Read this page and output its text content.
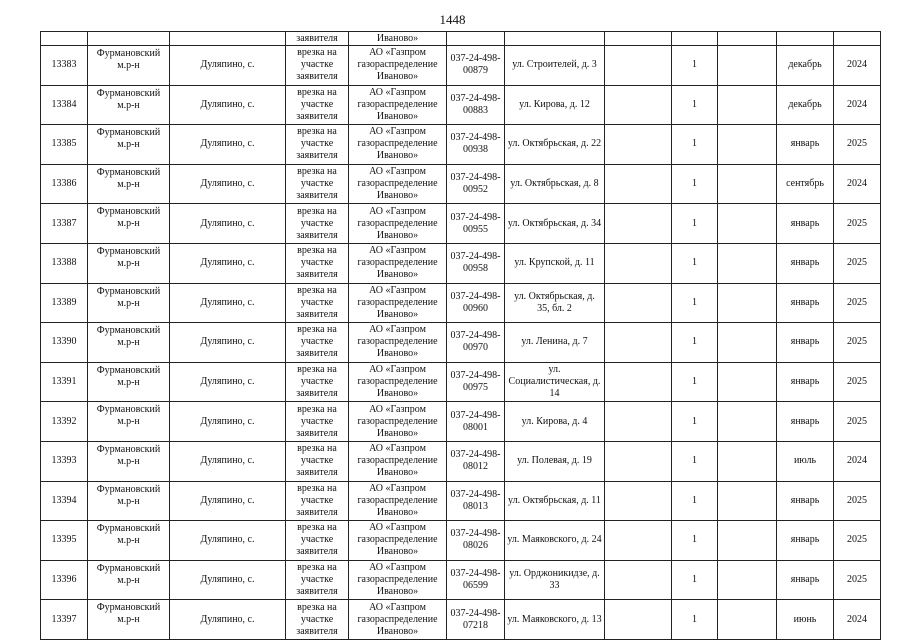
1448
			заявителя	Иваново»							
13383	Фурмановский м.р-н	Дуляпино, с.	врезка на участке заявителя	АО «Газпром газораспределение Иваново»	037-24-498-00879	ул. Строителей, д. 3		1		декабрь	2024
13384	Фурмановский м.р-н	Дуляпино, с.	врезка на участке заявителя	АО «Газпром газораспределение Иваново»	037-24-498-00883	ул. Кирова, д. 12		1		декабрь	2024
13385	Фурмановский м.р-н	Дуляпино, с.	врезка на участке заявителя	АО «Газпром газораспределение Иваново»	037-24-498-00938	ул. Октябрьская, д. 22		1		январь	2025
13386	Фурмановский м.р-н	Дуляпино, с.	врезка на участке заявителя	АО «Газпром газораспределение Иваново»	037-24-498-00952	ул. Октябрьская, д. 8		1		сентябрь	2024
13387	Фурмановский м.р-н	Дуляпино, с.	врезка на участке заявителя	АО «Газпром газораспределение Иваново»	037-24-498-00955	ул. Октябрьская, д. 34		1		январь	2025
13388	Фурмановский м.р-н	Дуляпино, с.	врезка на участке заявителя	АО «Газпром газораспределение Иваново»	037-24-498-00958	ул. Крупской, д. 11		1		январь	2025
13389	Фурмановский м.р-н	Дуляпино, с.	врезка на участке заявителя	АО «Газпром газораспределение Иваново»	037-24-498-00960	ул. Октябрьская, д. 35, бл. 2		1		январь	2025
13390	Фурмановский м.р-н	Дуляпино, с.	врезка на участке заявителя	АО «Газпром газораспределение Иваново»	037-24-498-00970	ул. Ленина, д. 7		1		январь	2025
13391	Фурмановский м.р-н	Дуляпино, с.	врезка на участке заявителя	АО «Газпром газораспределение Иваново»	037-24-498-00975	ул. Социалистическая, д. 14		1		январь	2025
13392	Фурмановский м.р-н	Дуляпино, с.	врезка на участке заявителя	АО «Газпром газораспределение Иваново»	037-24-498-08001	ул. Кирова, д. 4		1		январь	2025
13393	Фурмановский м.р-н	Дуляпино, с.	врезка на участке заявителя	АО «Газпром газораспределение Иваново»	037-24-498-08012	ул. Полевая, д. 19		1		июль	2024
13394	Фурмановский м.р-н	Дуляпино, с.	врезка на участке заявителя	АО «Газпром газораспределение Иваново»	037-24-498-08013	ул. Октябрьская, д. 11		1		январь	2025
13395	Фурмановский м.р-н	Дуляпино, с.	врезка на участке заявителя	АО «Газпром газораспределение Иваново»	037-24-498-08026	ул. Маяковского, д. 24		1		январь	2025
13396	Фурмановский м.р-н	Дуляпино, с.	врезка на участке заявителя	АО «Газпром газораспределение Иваново»	037-24-498-06599	ул. Орджоникидзе, д. 33		1		январь	2025
13397	Фурмановский м.р-н	Дуляпино, с.	врезка на участке заявителя	АО «Газпром газораспределение Иваново»	037-24-498-07218	ул. Маяковского, д. 13		1		июнь	2024
